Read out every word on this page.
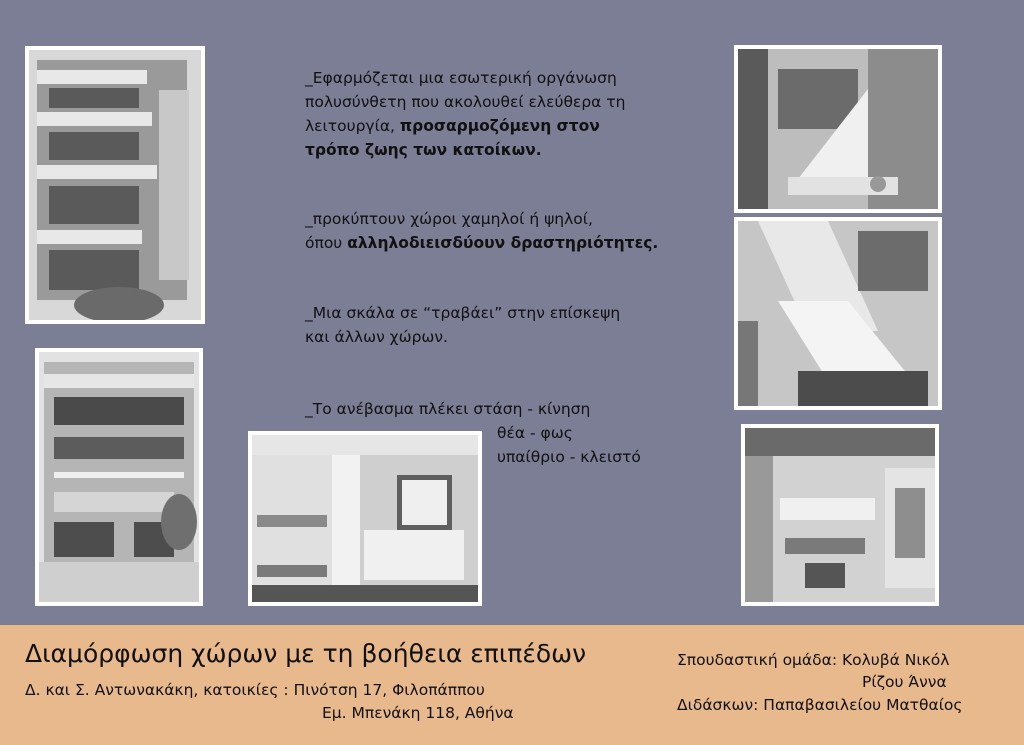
_Εφαρμόζεται μια εσωτερική οργάνωση
πολυσύνθετη που ακολουθεί ελεύθερα τη
λειτουργία, προσαρμοζόμενη στον
τρόπο ζωης των κατοίκων.
_προκύπτουν χώροι χαμηλοί ή ψηλοί,
όπου αλληλοδιεισδύουν δραστηριότητες.
_Μια σκάλα σε “τραβάει” στην επίσκεψη
και άλλων χώρων.
_Το ανέβασμα πλέκει στάση - κίνηση
θέα - φως
υπαίθριο - κλειστό
Διαμόρφωση χώρων με τη βοήθεια επιπέδων
Δ. και Σ. Αντωνακάκη, κατοικίες : Πινότση 17, Φιλοπάππου
Εμ. Μπενάκη 118, Αθήνα
Σπουδαστική ομάδα: Κολυβά Νικόλ
Ρίζου Άννα
Διδάσκων: Παπαβασιλείου Ματθαίος
